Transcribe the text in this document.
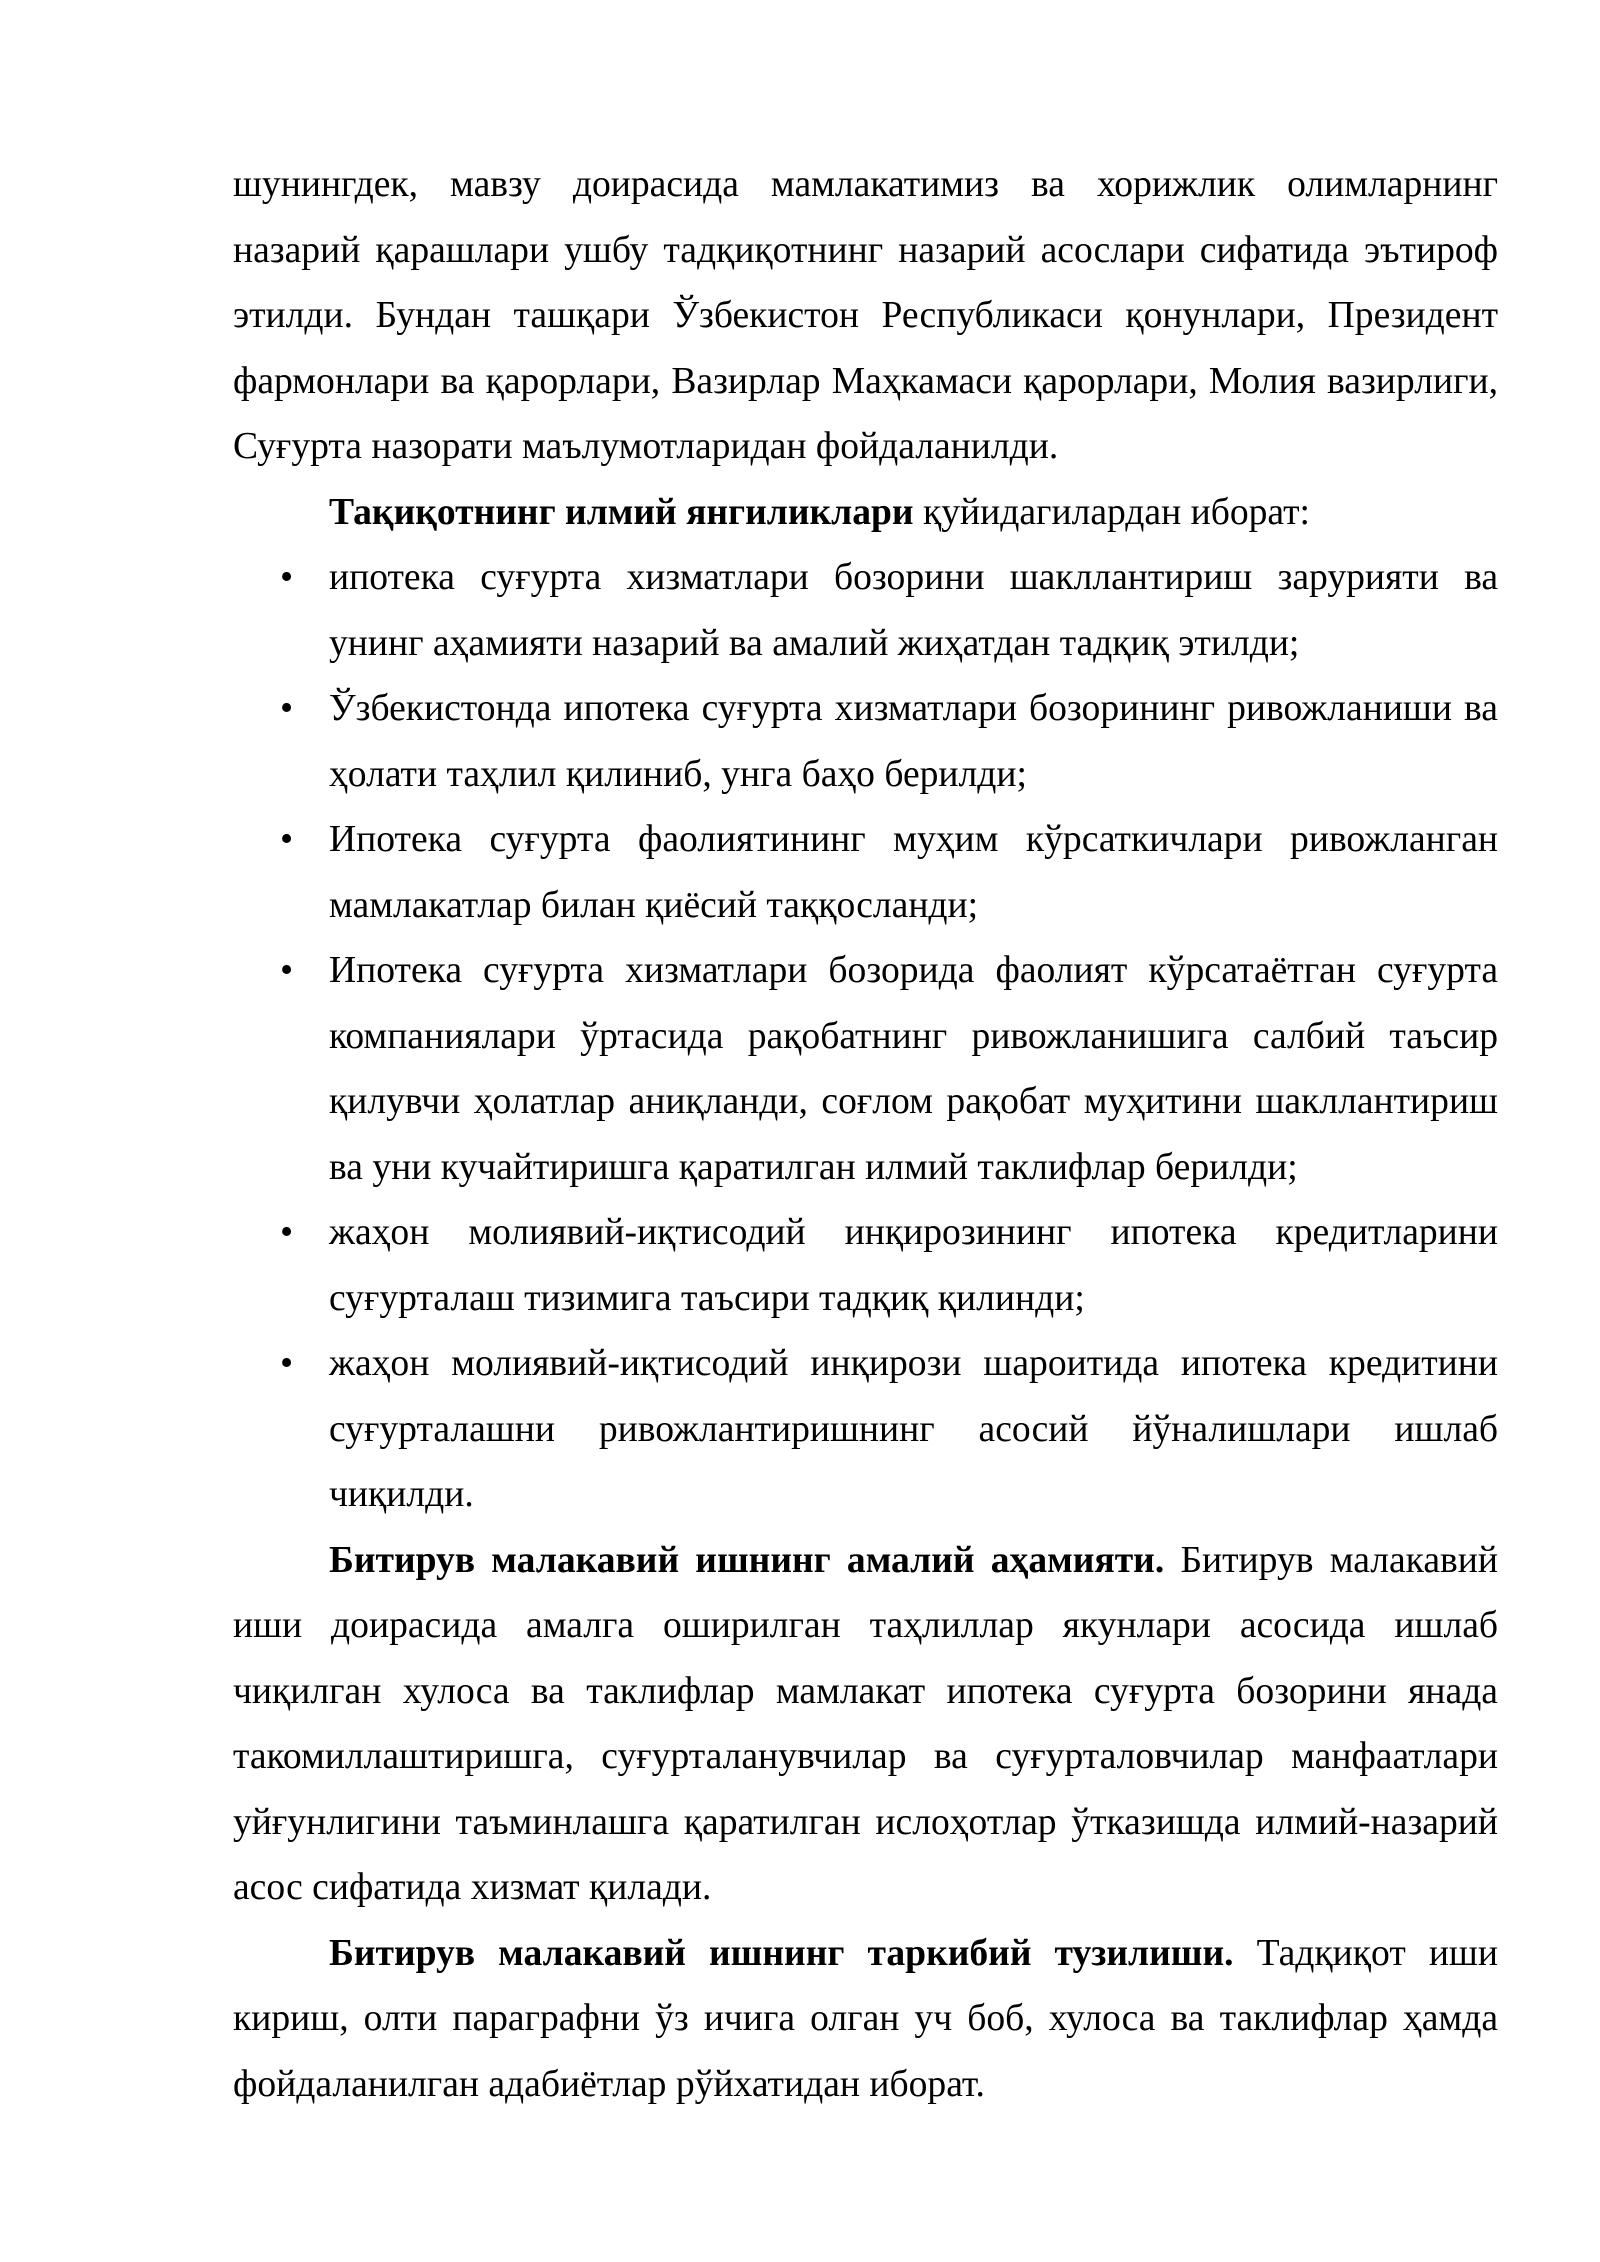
шунингдек, мавзу доирасида мамлакатимиз ва хорижлик олимларнинг
назарий қарашлари ушбу тадқиқотнинг назарий асослари сифатида эътироф
этилди. Бундан ташқари Ўзбекистон Республикаси қонунлари, Президент
фармонлари ва қарорлари, Вазирлар Маҳкамаси қарорлари, Молия вазирлиги,
Суғурта назорати маълумотларидан фойдаланилди.
Тақиқотнинг илмий янгиликлари қуйидагилардан иборат:
• ипотека суғурта хизматлари бозорини шакллантириш зарурияти ва
унинг аҳамияти назарий ва амалий жиҳатдан тадқиқ этилди;
• Ўзбекистонда ипотека суғурта хизматлари бозорининг ривожланиши ва
ҳолати таҳлил қилиниб, унга баҳо берилди;
• Ипотека суғурта фаолиятининг муҳим кўрсаткичлари ривожланган
мамлакатлар билан қиёсий таққосланди;
• Ипотека суғурта хизматлари бозорида фаолият кўрсатаётган суғурта
компаниялари ўртасида рақобатнинг ривожланишига салбий таъсир
қилувчи ҳолатлар аниқланди, соғлом рақобат муҳитини шакллантириш
ва уни кучайтиришга қаратилган илмий таклифлар берилди;
• жаҳон молиявий-иқтисодий инқирозининг ипотека кредитларини
суғурталаш тизимига таъсири тадқиқ қилинди;
• жаҳон молиявий-иқтисодий инқирози шароитида ипотека кредитини
суғурталашни ривожлантиришнинг асосий йўналишлари ишлаб
чиқилди.
Битирув малакавий ишнинг амалий аҳамияти. Битирув малакавий
иши доирасида амалга оширилган таҳлиллар якунлари асосида ишлаб
чиқилган хулоса ва таклифлар мамлакат ипотека суғурта бозорини янада
такомиллаштиришга, суғурталанувчилар ва суғурталовчилар манфаатлари
уйғунлигини таъминлашга қаратилган ислоҳотлар ўтказишда илмий-назарий
асос сифатида хизмат қилади.
Битирув малакавий ишнинг таркибий тузилиши. Тадқиқот иши
кириш, олти параграфни ўз ичига олган уч боб, хулоса ва таклифлар ҳамда
фойдаланилган адабиётлар рўйхатидан иборат.
